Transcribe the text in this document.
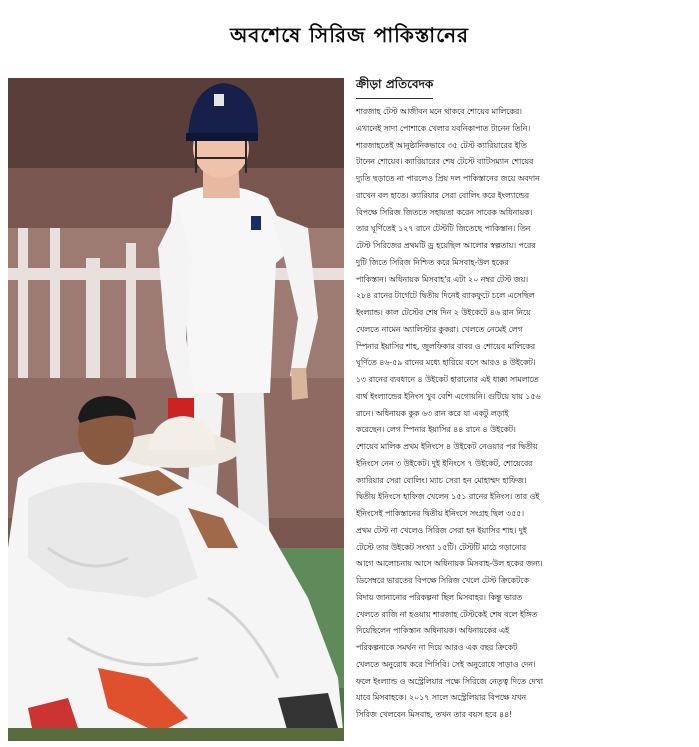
অবশেষে সিরিজ পাকিস্তানের
ক্রীড়া প্রতিবেদক
শারজাহ টেস্ট আজীবন মনে থাকবে শোয়েব মালিকের।
এখানেই সাদা পোশাকে খেলার যবনিকাপাত টানেন তিনি।
শারজাহতেই আনুষ্ঠানিকভাবে ৩৫ টেস্ট ক্যারিয়ারের ইতি
টানেন শোয়েব। ক্যারিয়ারের শেষ টেস্টে ব্যাটসম্যান শোয়েব
দ্যুতি ছড়াতে না পারলেও প্রিয় দল পাকিস্তানের জয়ে অবদান
রাখেন বল হাতে। ক্যারিয়ার সেরা বোলিং করে ইংল্যান্ডের
বিপক্ষে সিরিজ জিততে সহায়তা করেন সাবেক অধিনায়ক।
তার ঘূর্ণিতেই ১২৭ রানে টেস্টটি জিতেছে পাকিস্তান। তিন
টেস্ট সিরিজের প্রথমটি ড্র হয়েছিল আলোর স্বল্পতায়। পরের
দুটি জিতে সিরিজ নিশ্চিত করে মিসবাহ-উল হকের
পাকিস্তান। অধিনায়ক মিসবাহ'র এটা ২০ নম্বর টেস্ট জয়।
২৮৪ রানের টার্গেটে দ্বিতীয় দিনেই ব্যাকফুটে চলে এসেছিল
ইংল্যান্ড। কাল টেস্টের শেষ দিন ২ উইকেটে ৪৬ রান নিয়ে
খেলতে নামেন অ্যালিস্টার কুকরা। খেলতে নেমেই লেগ
স্পিনার ইয়াসির শাহ, জুলফিকার বাবর ও শোয়েব মালিকের
ঘূর্ণিতে ৪৬-৫৯ রানের মধ্যে হারিয়ে বসে আরও ৪ উইকেট।
১৩ রানের ব্যবধানে ৪ উইকেট হারানোর এই ধাক্কা সামলাতে
ব্যর্থ ইংল্যান্ডের ইনিংস খুব বেশি এগোয়নি। গুটিয়ে যায় ১৫৬
রানে। অধিনায়ক কুক ৬৩ রান করে যা একটু লড়াই
করেছেন। লেগ স্পিনার ইয়াসির ৪৪ রানে ৪ উইকেট।
শোয়েব মালিক প্রথম ইনিংসে ৪ উইকেট নেওয়ার পর দ্বিতীয়
ইনিংসে নেন ৩ উইকেট। দুই ইনিংসে ৭ উইকেট, শোয়েবের
ক্যারিয়ার সেরা বোলিং। ম্যাচ সেরা হন মোহাম্মদ হাফিজ।
দ্বিতীয় ইনিংসে হাফিজ খেলেন ১৫১ রানের ইনিংস। তার ওই
ইনিংসেই পাকিস্তানের দ্বিতীয় ইনিংসে সংগ্রহ ছিল ৩৫৫।
প্রথম টেস্ট না খেলেও সিরিজ সেরা হন ইয়াসির শাহ। দুই
টেস্টে তার উইকেট সংখ্যা ১৫টি। টেস্টটি মাঠে গড়ানোর
আগে আলোচনায় আসে অধিনায়ক মিসবাহ-উল হকের জন্য।
ডিসেম্বরে ভারতের বিপক্ষে সিরিজ খেলে টেস্ট ক্রিকেটকে
বিদায় জানানোর পরিকল্পনা ছিল মিসবাহর। কিন্তু ভারত
খেলতে রাজি না হওয়ায় শারজাহ টেস্টকেই শেষ বলে ইঙ্গিত
দিয়েছিলেন পাকিস্তান অধিনায়ক। অধিনায়কের এই
পরিকল্পনাকে সমর্থন না দিয়ে আরও এক বছর ক্রিকেট
খেলতে অনুরোধ করে পিসিবি। সেই অনুরোধে সাড়াও দেন।
ফলে ইংল্যান্ড ও অস্ট্রেলিয়ার পক্ষে সিরিজে নেতৃত্ব দিতে দেখা
যাবে মিসবাহকে। ২০১৭ সালে অস্ট্রেলিয়ার বিপক্ষে যখন
সিরিজ খেলবেন মিসবাহ, তখন তার বয়স হবে ৪৪!
